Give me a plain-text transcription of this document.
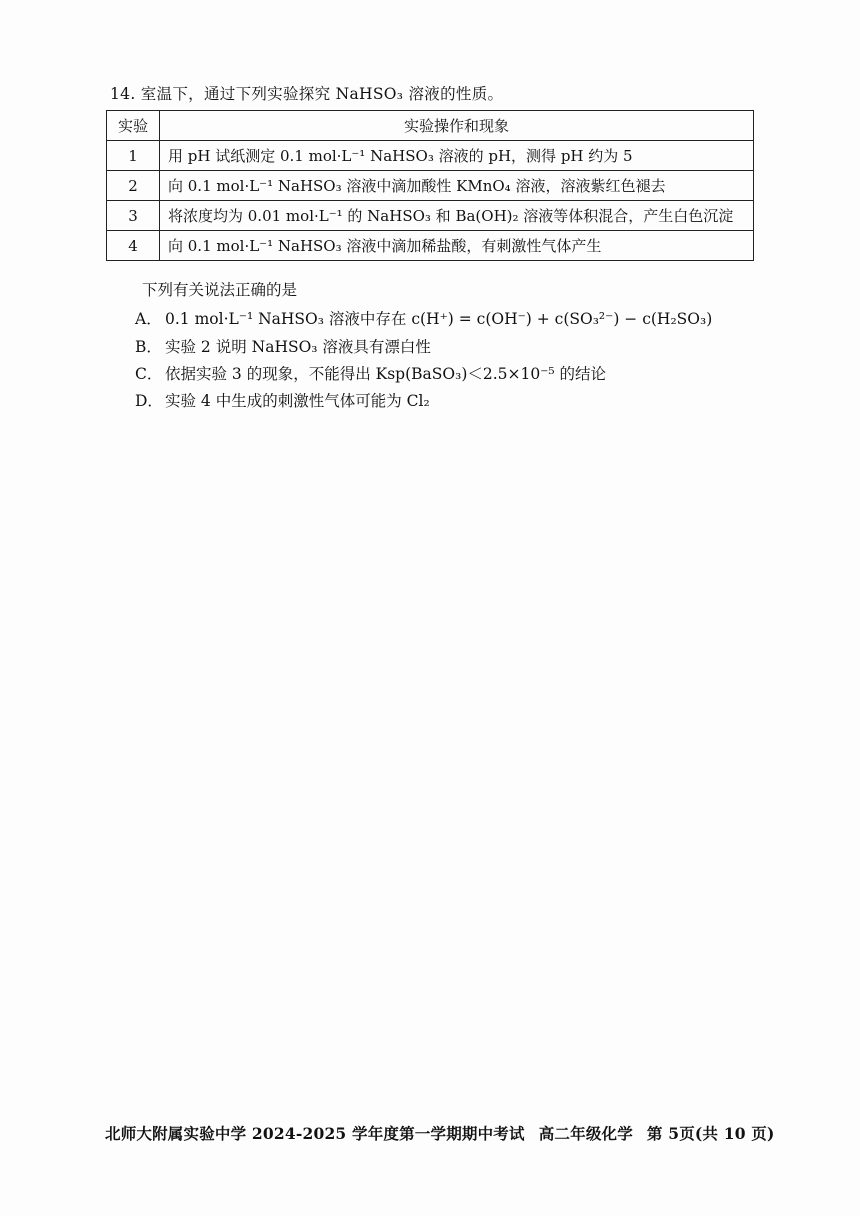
14. 室温下，通过下列实验探究 NaHSO₃ 溶液的性质。
实验	实验操作和现象
1	用 pH 试纸测定 0.1 mol·L⁻¹ NaHSO₃ 溶液的 pH，测得 pH 约为 5
2	向 0.1 mol·L⁻¹ NaHSO₃ 溶液中滴加酸性 KMnO₄ 溶液，溶液紫红色褪去
3	将浓度均为 0.01 mol·L⁻¹ 的 NaHSO₃ 和 Ba(OH)₂ 溶液等体积混合，产生白色沉淀
4	向 0.1 mol·L⁻¹ NaHSO₃ 溶液中滴加稀盐酸，有刺激性气体产生
下列有关说法正确的是
A． 0.1 mol·L⁻¹ NaHSO₃ 溶液中存在 c(H⁺) = c(OH⁻) + c(SO₃²⁻) − c(H₂SO₃)
B． 实验 2 说明 NaHSO₃ 溶液具有漂白性
C． 依据实验 3 的现象，不能得出 Ksp(BaSO₃)＜2.5×10⁻⁵ 的结论
D． 实验 4 中生成的刺激性气体可能为 Cl₂
北师大附属实验中学 2024-2025 学年度第一学期期中考试 高二年级化学 第 5页(共 10 页)
